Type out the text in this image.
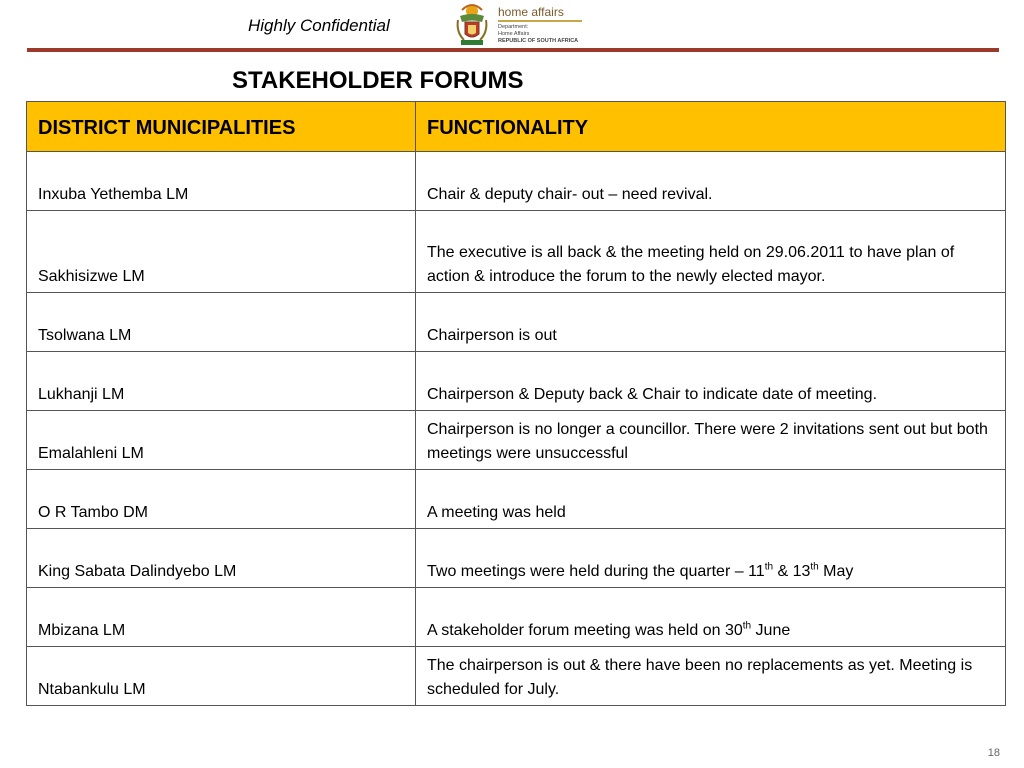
Highly Confidential
home affairs
Department:
Home Affairs
REPUBLIC OF SOUTH AFRICA
STAKEHOLDER FORUMS
DISTRICT MUNICIPALITIES	FUNCTIONALITY
Inxuba Yethemba LM	Chair & deputy chair- out – need revival.
Sakhisizwe LM	The executive is all back & the meeting held on 29.06.2011 to have plan of action & introduce the forum to the newly elected mayor.
Tsolwana LM	Chairperson is out
Lukhanji LM	Chairperson & Deputy back & Chair to indicate date of meeting.
Emalahleni LM	Chairperson is no longer a councillor. There were 2 invitations sent out but both meetings were unsuccessful
O R Tambo DM	A meeting was held
King Sabata Dalindyebo LM	Two meetings were held during the quarter – 11th & 13th May
Mbizana LM	A stakeholder forum meeting was held on 30th June
Ntabankulu LM	The chairperson is out & there have been no replacements as yet. Meeting is scheduled for July.
18
